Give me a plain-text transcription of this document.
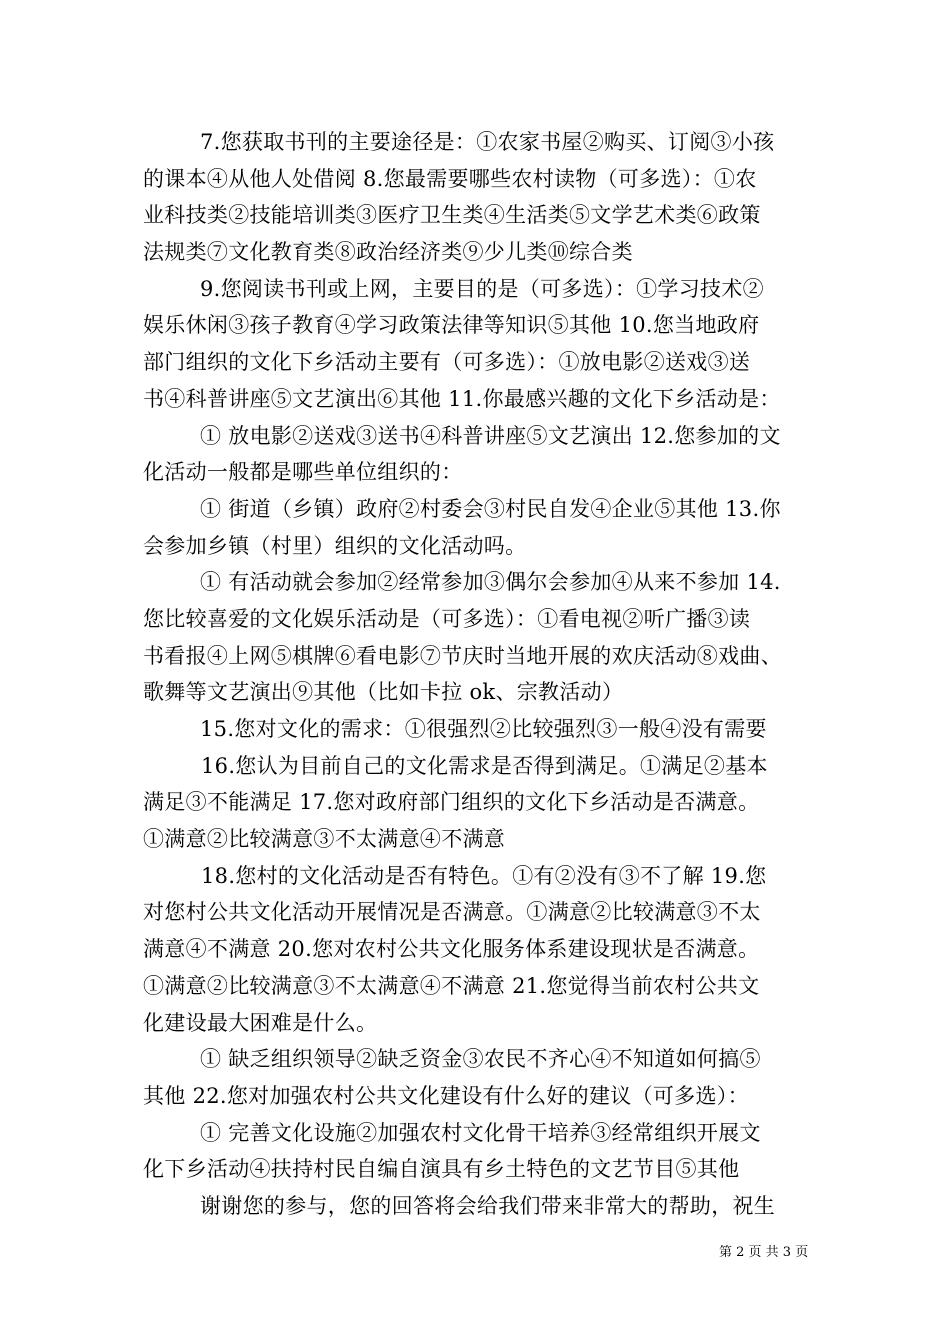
7.您获取书刊的主要途径是：①农家书屋②购买、订阅③小孩
的课本④从他人处借阅 8.您最需要哪些农村读物（可多选）：①农
业科技类②技能培训类③医疗卫生类④生活类⑤文学艺术类⑥政策
法规类⑦文化教育类⑧政治经济类⑨少儿类⑩综合类
9.您阅读书刊或上网，主要目的是（可多选）：①学习技术②
娱乐休闲③孩子教育④学习政策法律等知识⑤其他 10.您当地政府
部门组织的文化下乡活动主要有（可多选）：①放电影②送戏③送
书④科普讲座⑤文艺演出⑥其他 11.你最感兴趣的文化下乡活动是：
① 放电影②送戏③送书④科普讲座⑤文艺演出 12.您参加的文
化活动一般都是哪些单位组织的：
① 街道（乡镇）政府②村委会③村民自发④企业⑤其他 13.你
会参加乡镇（村里）组织的文化活动吗。
① 有活动就会参加②经常参加③偶尔会参加④从来不参加 14.
您比较喜爱的文化娱乐活动是（可多选）：①看电视②听广播③读
书看报④上网⑤棋牌⑥看电影⑦节庆时当地开展的欢庆活动⑧戏曲、
歌舞等文艺演出⑨其他（比如卡拉 ok、宗教活动）
15.您对文化的需求：①很强烈②比较强烈③一般④没有需要
16.您认为目前自己的文化需求是否得到满足。①满足②基本
满足③不能满足 17.您对政府部门组织的文化下乡活动是否满意。
①满意②比较满意③不太满意④不满意
18.您村的文化活动是否有特色。①有②没有③不了解 19.您
对您村公共文化活动开展情况是否满意。①满意②比较满意③不太
满意④不满意 20.您对农村公共文化服务体系建设现状是否满意。
①满意②比较满意③不太满意④不满意 21.您觉得当前农村公共文
化建设最大困难是什么。
① 缺乏组织领导②缺乏资金③农民不齐心④不知道如何搞⑤
其他 22.您对加强农村公共文化建设有什么好的建议（可多选）：
① 完善文化设施②加强农村文化骨干培养③经常组织开展文
化下乡活动④扶持村民自编自演具有乡土特色的文艺节目⑤其他
谢谢您的参与，您的回答将会给我们带来非常大的帮助，祝生
第 2 页 共 3 页
